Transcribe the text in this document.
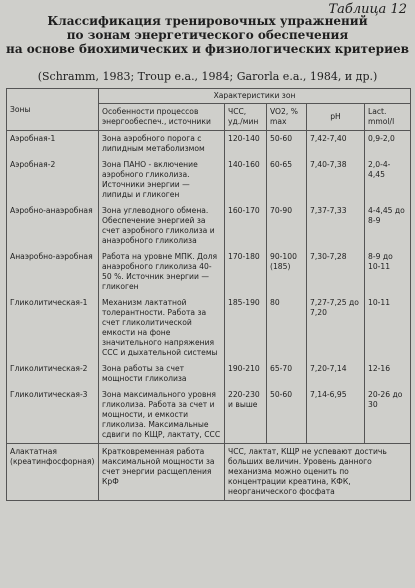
Таблица 12
Классификация тренировочных упражнений
по зонам энергетического обеспечения
на основе биохимических и физиологических критериев
(Schramm, 1983; Troup e.a., 1984; Garorla e.a., 1984, и др.)
Зоны	Характеристики зон				
	Особенности процессов энергообеспеч., источники	ЧСС, уд./мин	VO2, % max	pH	Lact. mmol/l
Аэробная-1	Зона аэробного порога с липидным метаболизмом	120-140	50-60	7,42-7,40	0,9-2,0
Аэробная-2	Зона ПАНО - включение аэробного гликолиза. Источники энергии — липиды и гликоген	140-160	60-65	7,40-7,38	2,0-4-4,45
Аэробно-анаэробная	Зона углеводного обмена. Обеспечение энергией за счет аэробного гликолиза и анаэробного гликолиза	160-170	70-90	7,37-7,33	4-4,45 до 8-9
Анаэробно-аэробная	Работа на уровне МПК. Доля анаэробного гликолиза 40-50 %. Источник энергии — гликоген	170-180	90-100 (185)	7,30-7,28	8-9 до 10-11
Гликолитическая-1	Механизм лактатной толерантности. Работа за счет гликолитической емкости на фоне значительного напряжения ССС и дыхательной системы	185-190	80	7,27-7,25 до 7,20	10-11
Гликолитическая-2	Зона работы за счет мощности гликолиза	190-210	65-70	7,20-7,14	12-16
Гликолитическая-3	Зона максимального уровня гликолиза. Работа за счет и мощности, и емкости гликолиза. Максимальные сдвиги по КЩР, лактату, ССС	220-230 и выше	50-60	7,14-6,95	20-26 до 30
Алактатная (креатинфосфорная)	Кратковременная работа максимальной мощности за счет энергии расщепления КрФ	ЧСС, лактат, КЩР не успевают достичь больших величин. Уровень данного механизма можно оценить по концентрации креатина, КФК, неорганического фосфата			
